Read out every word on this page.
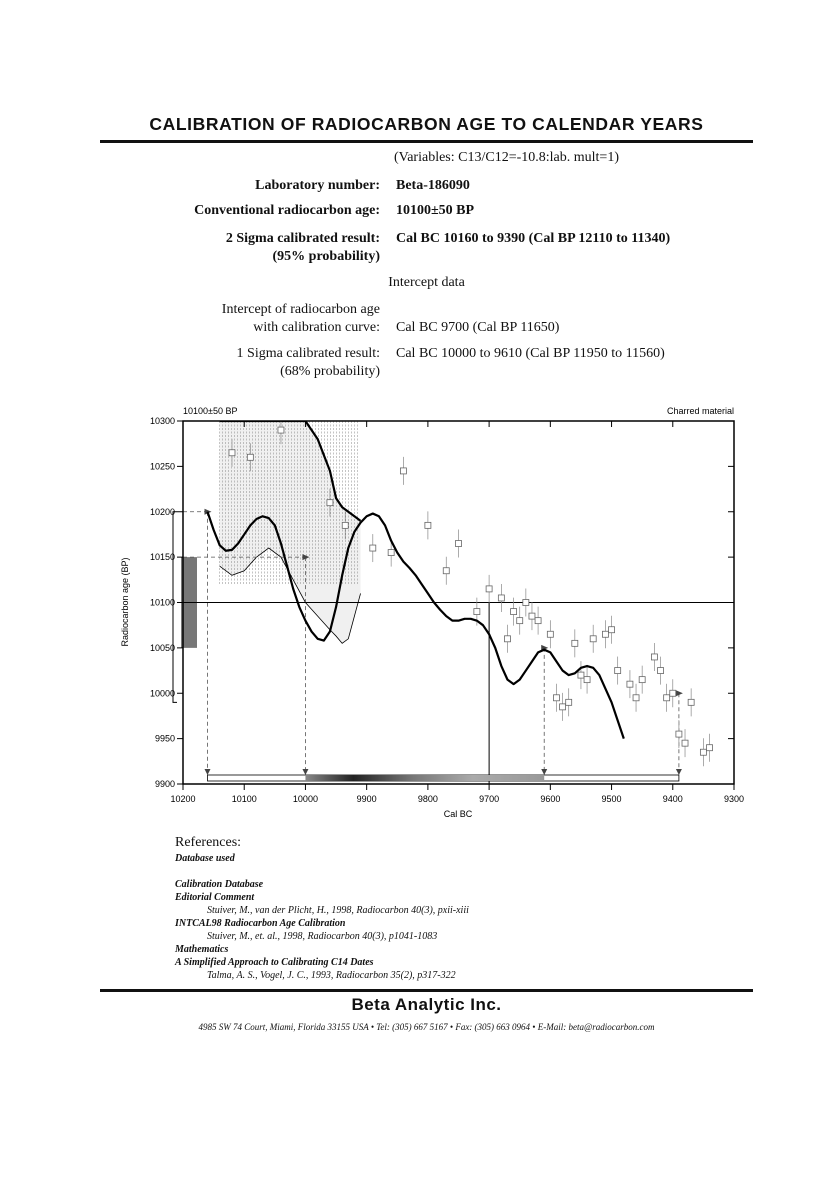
CALIBRATION OF RADIOCARBON AGE TO CALENDAR YEARS
(Variables: C13/C12=-10.8:lab. mult=1)
Laboratory number: Beta-186090
Conventional radiocarbon age: 10100±50 BP
2 Sigma calibrated result:
(95% probability)
Cal BC 10160 to 9390 (Cal BP 12110 to 11340)
Intercept data
Intercept of radiocarbon age
with calibration curve: Cal BC 9700 (Cal BP 11650)
1 Sigma calibrated result:
(68% probability)
Cal BC 10000 to 9610 (Cal BP 11950 to 11560)
10200	10100	10000	9900	9800	9700	9600	9500	9400	9300
10300
10250
10200
10150
10100
10050
10000
9950
9900
10100±50 BP	Charred material
Cal BC
Radiocarbon age (BP)
References:
Database used
Calibration Database
Editorial Comment
Stuiver, M., van der Plicht, H., 1998, Radiocarbon 40(3), pxii-xiii
INTCAL98 Radiocarbon Age Calibration
Stuiver, M., et. al., 1998, Radiocarbon 40(3), p1041-1083
Mathematics
A Simplified Approach to Calibrating C14 Dates
Talma, A. S., Vogel, J. C., 1993, Radiocarbon 35(2), p317-322
Beta Analytic Inc.
4985 SW 74 Court, Miami, Florida 33155 USA • Tel: (305) 667 5167 • Fax: (305) 663 0964 • E-Mail: beta@radiocarbon.com
